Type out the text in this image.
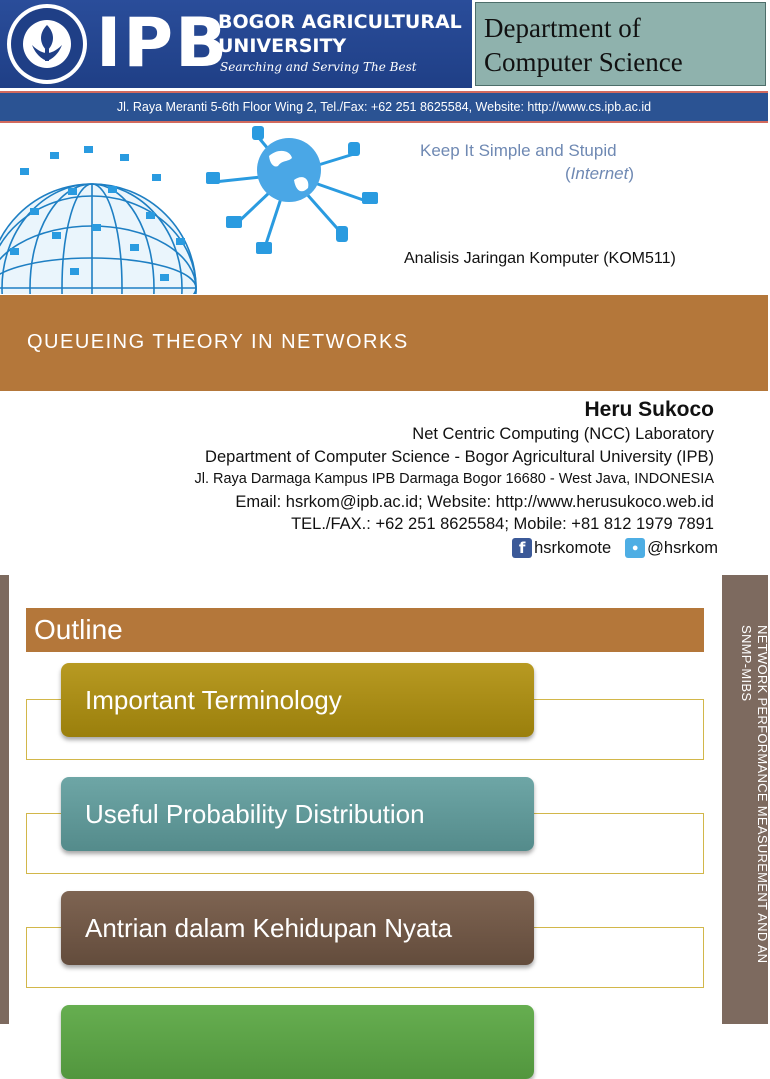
IPB
BOGOR AGRICULTURAL
UNIVERSITY
Searching and Serving The Best
Department of
Computer Science
Jl. Raya Meranti 5-6th Floor Wing 2, Tel./Fax: +62 251 8625584, Website: http://www.cs.ipb.ac.id
Keep It Simple and Stupid
(Internet)
Analisis Jaringan Komputer (KOM511)
QUEUEING THEORY IN NETWORKS
Heru Sukoco
Net Centric Computing (NCC) Laboratory
Department of Computer Science - Bogor Agricultural University (IPB)
Jl. Raya Darmaga Kampus IPB Darmaga Bogor 16680 - West Java, INDONESIA
Email: hsrkom@ipb.ac.id; Website: http://www.herusukoco.web.id
TEL./FAX.: +62 251 8625584; Mobile: +81 812 1979 7891
f hsrkomote	● @hsrkom
NETWORK PERFORMANCE MEASUREMENT AND AN
SNMP-MIBS
Outline
Important Terminology
Useful Probability Distribution
Antrian dalam Kehidupan Nyata
